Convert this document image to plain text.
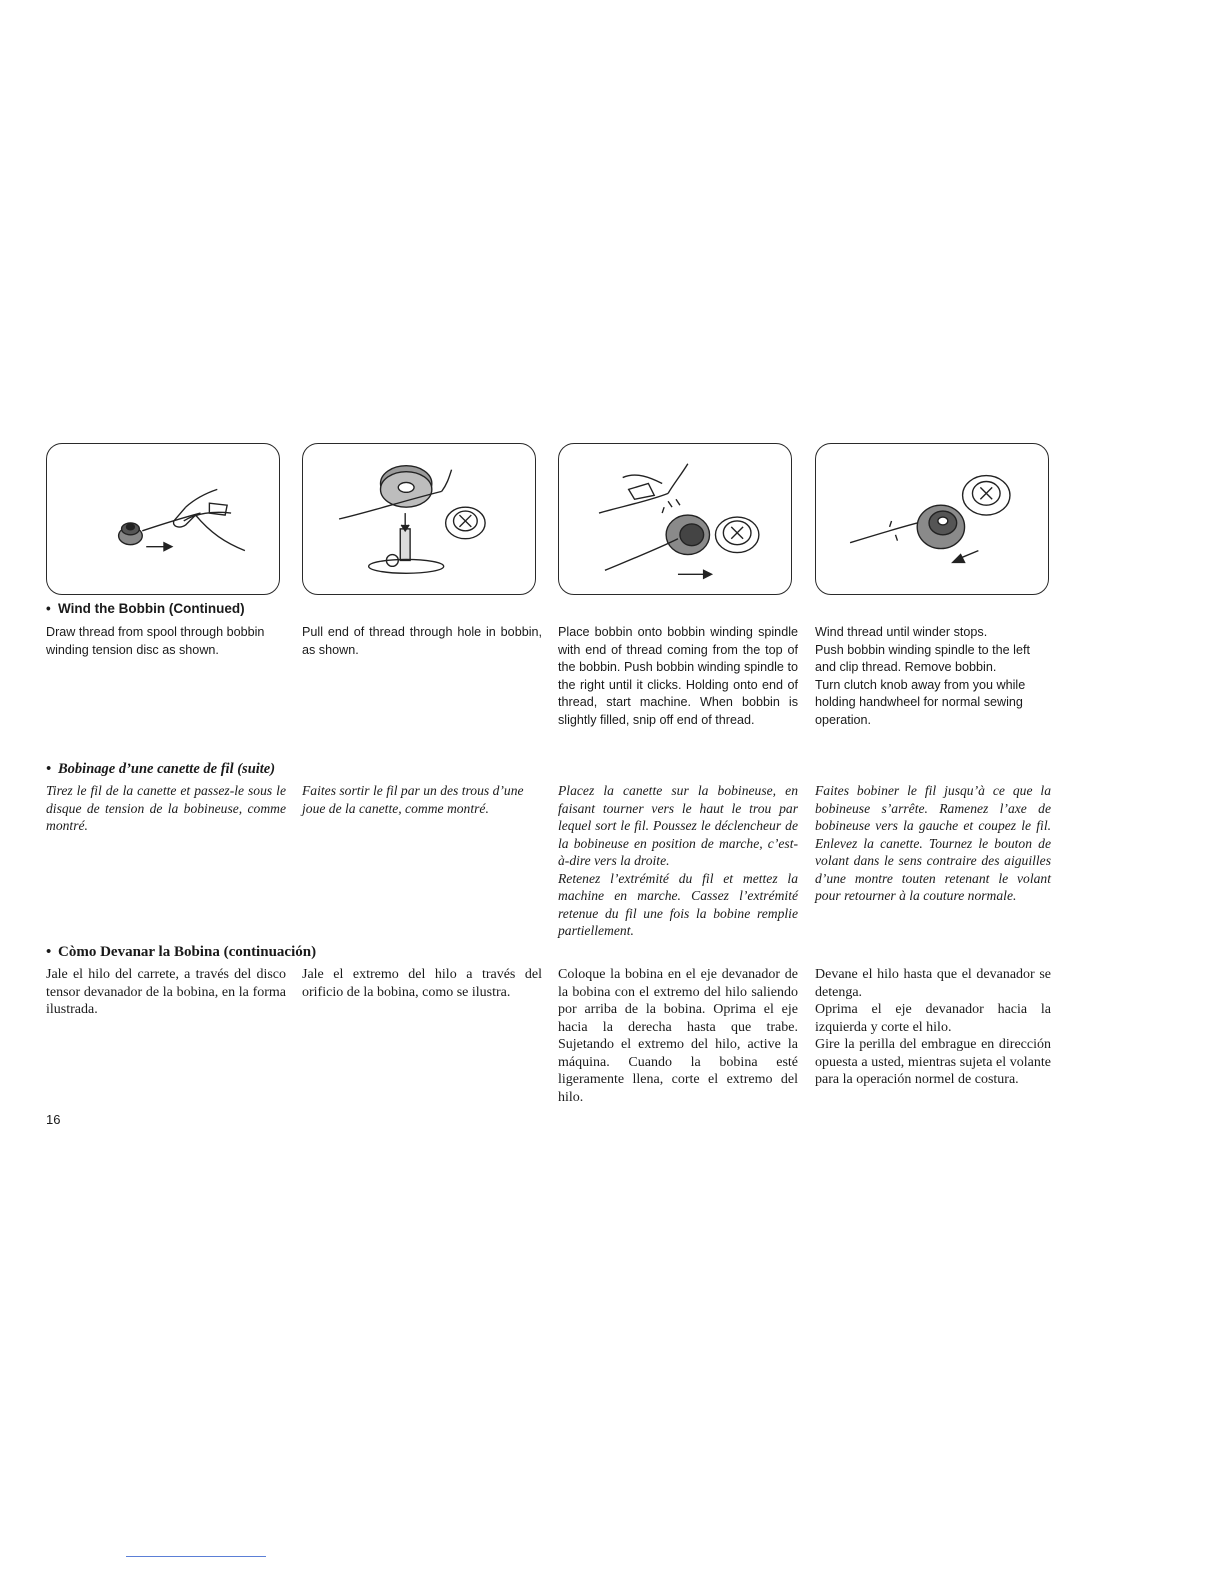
• Wind the Bobbin (Continued)

Draw thread from spool through bobbin winding tension disc as shown.

Pull end of thread through hole in bobbin, as shown.

Place bobbin onto bobbin winding spindle with end of thread coming from the top of the bobbin. Push bobbin winding spindle to the right until it clicks. Holding onto end of thread, start machine. When bobbin is slightly filled, snip off end of thread.

Wind thread until winder stops.
Push bobbin winding spindle to the left and clip thread. Remove bobbin.
Turn clutch knob away from you while holding handwheel for normal sewing operation.

• Bobinage d’une canette de fil (suite)

Tirez le fil de la canette et passez-le sous le disque de tension de la bobineuse, comme montré.

Faites sortir le fil par un des trous d’une joue de la canette, comme montré.

Placez la canette sur la bobineuse, en faisant tourner vers le haut le trou par lequel sort le fil. Poussez le déclencheur de la bobineuse en position de marche, c’est-à-dire vers la droite.
Retenez l’extrémité du fil et mettez la machine en marche. Cassez l’extrémité retenue du fil une fois la bobine remplie partiellement.

Faites bobiner le fil jusqu’à ce que la bobineuse s’arrête. Ramenez l’axe de bobineuse vers la gauche et coupez le fil. Enlevez la canette. Tournez le bouton de volant dans le sens contraire des aiguilles d’une montre touten retenant le volant pour retourner à la couture normale.

• Còmo Devanar la Bobina (continuación)

Jale el hilo del carrete, a través del disco tensor devanador de la bobina, en la forma ilustrada.

Jale el extremo del hilo a través del orificio de la bobina, como se ilustra.

Coloque la bobina en el eje devanador de la bobina con el extremo del hilo saliendo por arriba de la bobina. Oprima el eje hacia la derecha hasta que trabe. Sujetando el extremo del hilo, active la máquina. Cuando la bobina esté ligeramente llena, corte el extremo del hilo.

Devane el hilo hasta que el devanador se detenga.
Oprima el eje devanador hacia la izquierda y corte el hilo.
Gire la perilla del embrague en dirección opuesta a usted, mientras sujeta el volante para la operación normel de costura.
16
